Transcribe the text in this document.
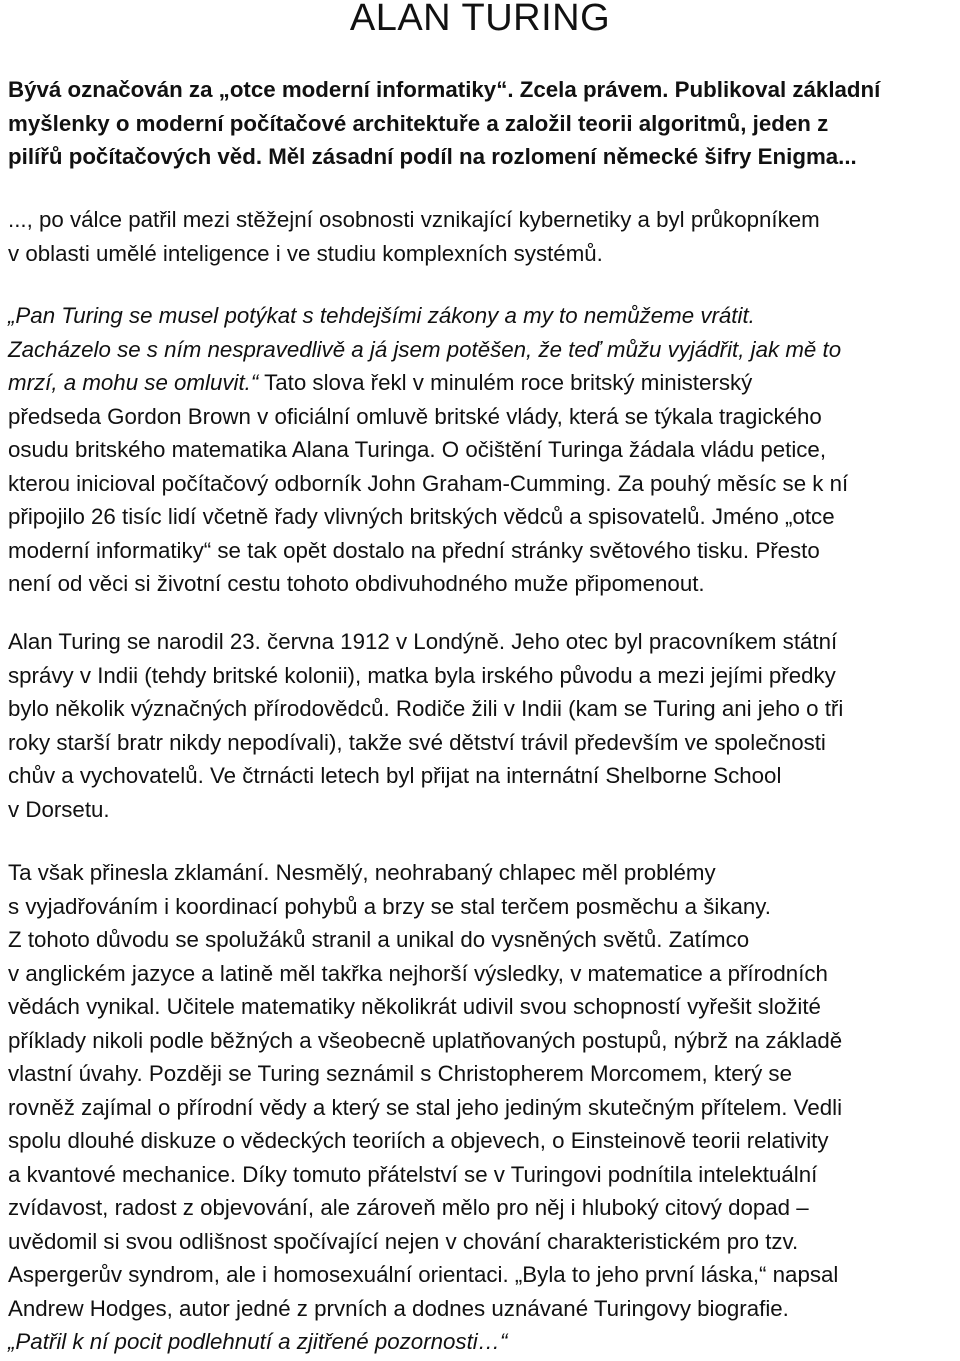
ALAN TURING

Bývá označován za „otce moderní informatiky“. Zcela právem. Publikoval základní
myšlenky o moderní počítačové architektuře a založil teorii algoritmů, jeden z
pilířů počítačových věd. Měl zásadní podíl na rozlomení německé šifry Enigma...

..., po válce patřil mezi stěžejní osobnosti vznikající kybernetiky a byl průkopníkem
v oblasti umělé inteligence i ve studiu komplexních systémů.

„Pan Turing se musel potýkat s tehdejšími zákony a my to nemůžeme vrátit.
Zacházelo se s ním nespravedlivě a já jsem potěšen, že teď můžu vyjádřit, jak mě to
mrzí, a mohu se omluvit.“ Tato slova řekl v minulém roce britský ministerský
předseda Gordon Brown v oficiální omluvě britské vlády, která se týkala tragického
osudu britského matematika Alana Turinga. O očištění Turinga žádala vládu petice,
kterou inicioval počítačový odborník John Graham-Cumming. Za pouhý měsíc se k ní
připojilo 26 tisíc lidí včetně řady vlivných britských vědců a spisovatelů. Jméno „otce
moderní informatiky“ se tak opět dostalo na přední stránky světového tisku. Přesto
není od věci si životní cestu tohoto obdivuhodného muže připomenout.

Alan Turing se narodil 23. června 1912 v Londýně. Jeho otec byl pracovníkem státní
správy v Indii (tehdy britské kolonii), matka byla irského původu a mezi jejími předky
bylo několik význačných přírodovědců. Rodiče žili v Indii (kam se Turing ani jeho o tři
roky starší bratr nikdy nepodívali), takže své dětství trávil především ve společnosti
chův a vychovatelů. Ve čtrnácti letech byl přijat na internátní Shelborne School
v Dorsetu.

Ta však přinesla zklamání. Nesmělý, neohrabaný chlapec měl problémy
s vyjadřováním i koordinací pohybů a brzy se stal terčem posměchu a šikany.
Z tohoto důvodu se spolužáků stranil a unikal do vysněných světů. Zatímco
v anglickém jazyce a latině měl takřka nejhorší výsledky, v matematice a přírodních
vědách vynikal. Učitele matematiky několikrát udivil svou schopností vyřešit složité
příklady nikoli podle běžných a všeobecně uplatňovaných postupů, nýbrž na základě
vlastní úvahy. Později se Turing seznámil s Christopherem Morcomem, který se
rovněž zajímal o přírodní vědy a který se stal jeho jediným skutečným přítelem. Vedli
spolu dlouhé diskuze o vědeckých teoriích a objevech, o Einsteinově teorii relativity
a kvantové mechanice. Díky tomuto přátelství se v Turingovi podnítila intelektuální
zvídavost, radost z objevování, ale zároveň mělo pro něj i hluboký citový dopad –
uvědomil si svou odlišnost spočívající nejen v chování charakteristickém pro tzv.
Aspergerův syndrom, ale i homosexuální orientaci. „Byla to jeho první láska,“ napsal
Andrew Hodges, autor jedné z prvních a dodnes uznávané Turingovy biografie.
„Patřil k ní pocit podlehnutí a zjitřené pozornosti…“
